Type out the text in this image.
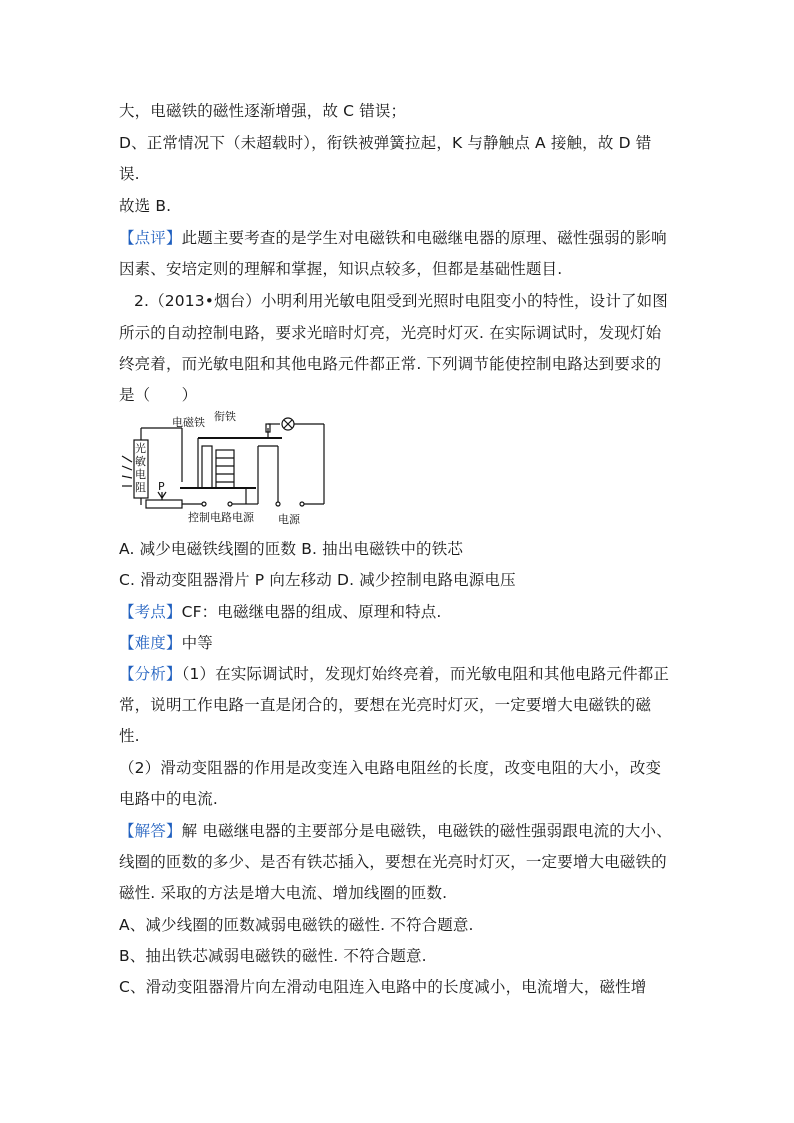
大，电磁铁的磁性逐渐增强，故 C 错误；
D、正常情况下（未超载时），衔铁被弹簧拉起，K 与静触点 A 接触，故 D 错
误.
故选 B.
【点评】此题主要考查的是学生对电磁铁和电磁继电器的原理、磁性强弱的影响
因素、安培定则的理解和掌握，知识点较多，但都是基础性题目.
2.（2013•烟台）小明利用光敏电阻受到光照时电阻变小的特性，设计了如图
所示的自动控制电路，要求光暗时灯亮，光亮时灯灭. 在实际调试时，发现灯始
终亮着，而光敏电阻和其他电路元件都正常. 下列调节能使控制电路达到要求的
是（　　）
电磁铁 衔铁
光
敏
电
阻 P
控制电路电源 电源
A. 减少电磁铁线圈的匝数 B. 抽出电磁铁中的铁芯
C. 滑动变阻器滑片 P 向左移动 D. 减少控制电路电源电压
【考点】CF：电磁继电器的组成、原理和特点.
【难度】中等
【分析】（1）在实际调试时，发现灯始终亮着，而光敏电阻和其他电路元件都正
常，说明工作电路一直是闭合的，要想在光亮时灯灭，一定要增大电磁铁的磁
性.
（2）滑动变阻器的作用是改变连入电路电阻丝的长度，改变电阻的大小，改变
电路中的电流.
【解答】解 电磁继电器的主要部分是电磁铁，电磁铁的磁性强弱跟电流的大小、
线圈的匝数的多少、是否有铁芯插入，要想在光亮时灯灭，一定要增大电磁铁的
磁性. 采取的方法是增大电流、增加线圈的匝数.
A、减少线圈的匝数减弱电磁铁的磁性. 不符合题意.
B、抽出铁芯减弱电磁铁的磁性. 不符合题意.
C、滑动变阻器滑片向左滑动电阻连入电路中的长度减小，电流增大，磁性增
